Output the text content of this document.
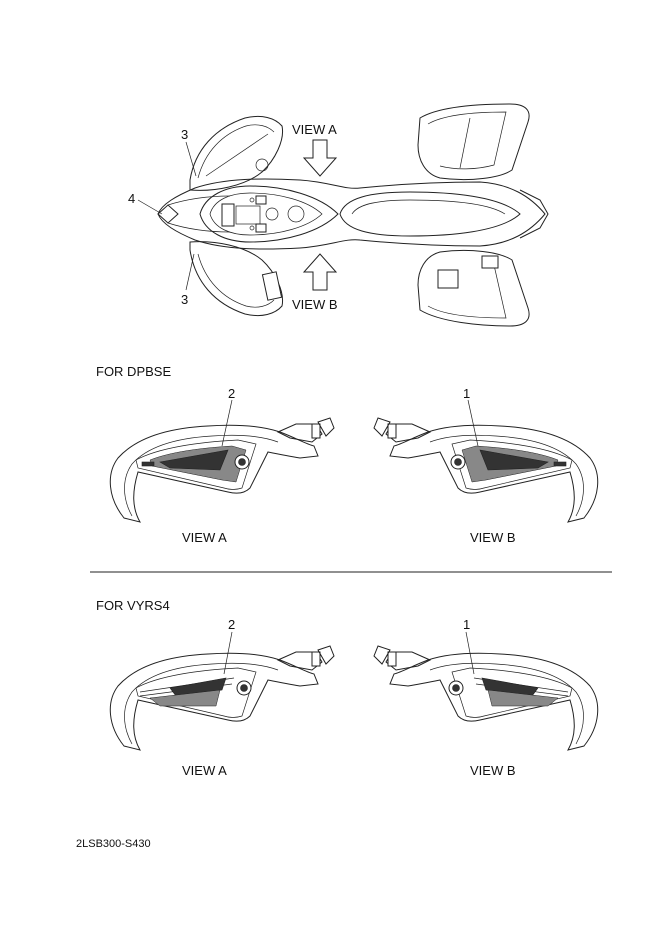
3
4
3
VIEW A
VIEW B
FOR DPBSE
2	1
VIEW A	VIEW B
FOR VYRS4
2	1
VIEW A	VIEW B
2LSB300-S430
